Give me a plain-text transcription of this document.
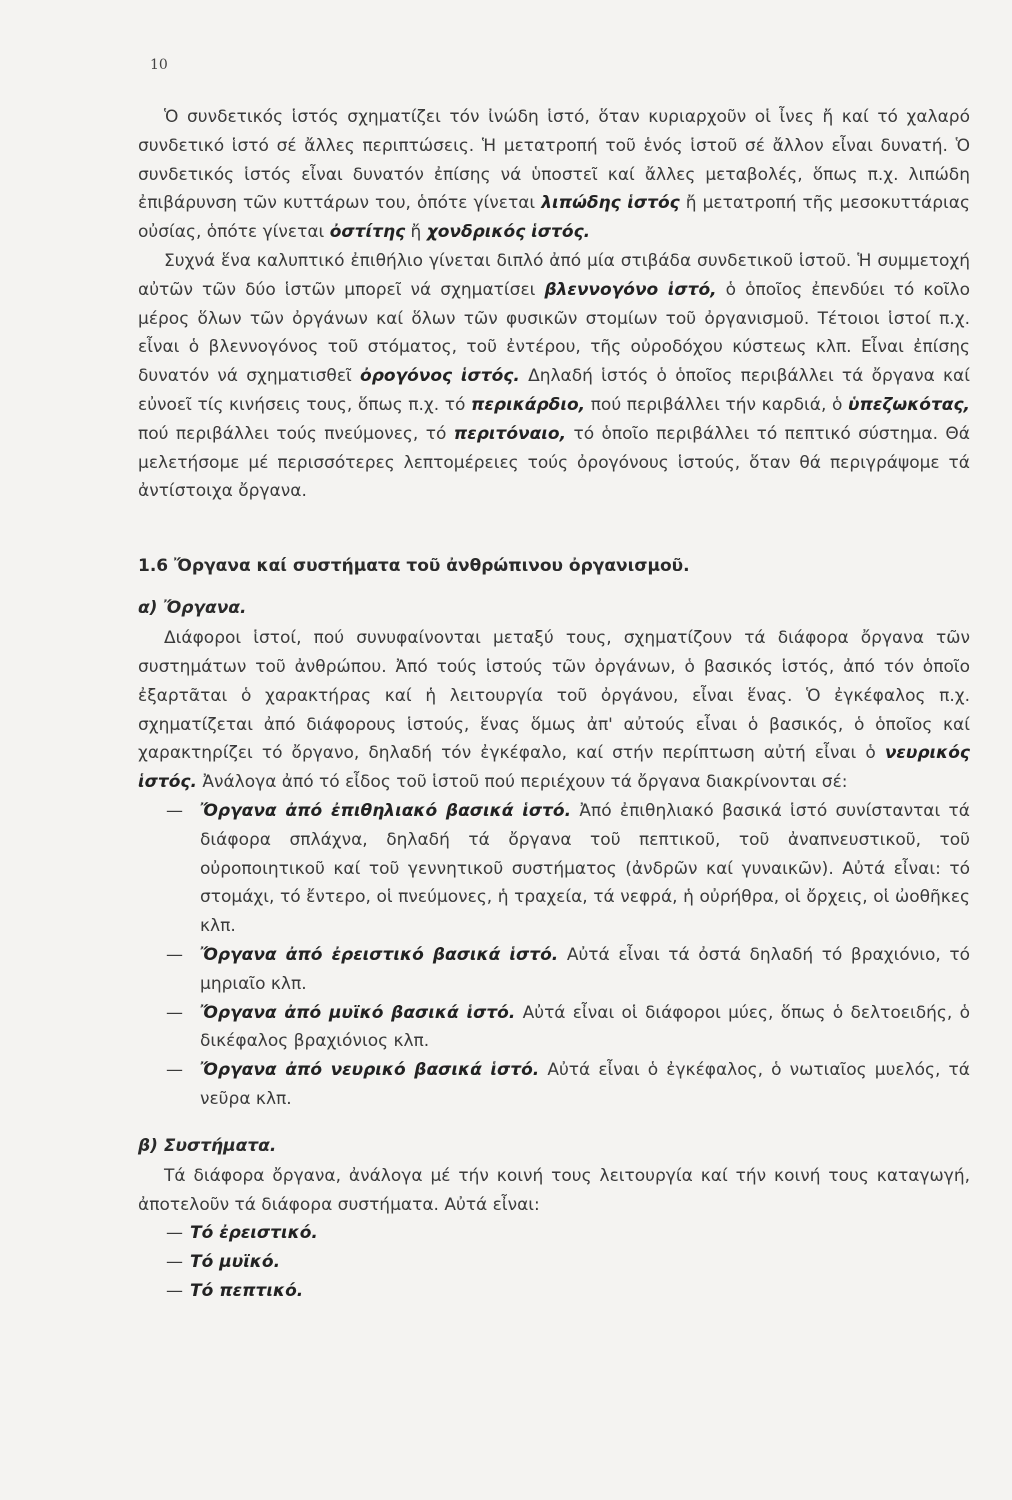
10

Ὁ συνδετικός ἱστός σχηματίζει τόν ἰνώδη ἱστό, ὅταν κυριαρχοῦν οἱ ἶνες ἤ καί τό χαλαρό συνδετικό ἱστό σέ ἄλλες περιπτώσεις. Ἡ μετατροπή τοῦ ἑνός ἱστοῦ σέ ἄλλον εἶναι δυνατή. Ὁ συνδετικός ἱστός εἶναι δυνατόν ἐπίσης νά ὑποστεῖ καί ἄλλες μεταβολές, ὅπως π.χ. λιπώδη ἐπιβάρυνση τῶν κυττάρων του, ὁπότε γίνεται λιπώδης ἱστός ἤ μετατροπή τῆς μεσοκυττάριας οὐσίας, ὁπότε γίνεται ὀστίτης ἤ χονδρικός ἱστός.

Συχνά ἕνα καλυπτικό ἐπιθήλιο γίνεται διπλό ἀπό μία στιβάδα συνδετικοῦ ἱστοῦ. Ἡ συμμετοχή αὐτῶν τῶν δύο ἱστῶν μπορεῖ νά σχηματίσει βλεννογόνο ἱστό, ὁ ὁποῖος ἐπενδύει τό κοῖλο μέρος ὅλων τῶν ὀργάνων καί ὅλων τῶν φυσικῶν στομίων τοῦ ὀργανισμοῦ. Τέτοιοι ἱστοί π.χ. εἶναι ὁ βλεννογόνος τοῦ στόματος, τοῦ ἐντέρου, τῆς οὐροδόχου κύστεως κλπ. Εἶναι ἐπίσης δυνατόν νά σχηματισθεῖ ὀρογόνος ἱστός. Δηλαδή ἱστός ὁ ὁποῖος περιβάλλει τά ὄργανα καί εὐνοεῖ τίς κινήσεις τους, ὅπως π.χ. τό περικάρδιο, πού περιβάλλει τήν καρδιά, ὁ ὑπεζωκότας, πού περιβάλλει τούς πνεύμονες, τό περιτόναιο, τό ὁποῖο περιβάλλει τό πεπτικό σύστημα. Θά μελετήσομε μέ περισσότερες λεπτομέρειες τούς ὀρογόνους ἱστούς, ὅταν θά περιγράψομε τά ἀντίστοιχα ὄργανα.

1.6 Ὄργανα καί συστήματα τοῦ ἀνθρώπινου ὀργανισμοῦ.
α) Ὄργανα.

Διάφοροι ἱστοί, πού συνυφαίνονται μεταξύ τους, σχηματίζουν τά διάφορα ὄργανα τῶν συστημάτων τοῦ ἀνθρώπου. Ἀπό τούς ἱστούς τῶν ὀργάνων, ὁ βασικός ἱστός, ἀπό τόν ὁποῖο ἐξαρτᾶται ὁ χαρακτήρας καί ἡ λειτουργία τοῦ ὀργάνου, εἶναι ἕνας. Ὁ ἐγκέφαλος π.χ. σχηματίζεται ἀπό διάφορους ἱστούς, ἕνας ὅμως ἀπ' αὐτούς εἶναι ὁ βασικός, ὁ ὁποῖος καί χαρακτηρίζει τό ὄργανο, δηλαδή τόν ἐγκέφαλο, καί στήν περίπτωση αὐτή εἶναι ὁ νευρικός ἱστός. Ἀνάλογα ἀπό τό εἶδος τοῦ ἱστοῦ πού περιέχουν τά ὄργανα διακρίνονται σέ:

— Ὄργανα ἀπό ἐπιθηλιακό βασικά ἱστό. Ἀπό ἐπιθηλιακό βασικά ἱστό συνίστανται τά διάφορα σπλάχνα, δηλαδή τά ὄργανα τοῦ πεπτικοῦ, τοῦ ἀναπνευστικοῦ, τοῦ οὐροποιητικοῦ καί τοῦ γεννητικοῦ συστήματος (ἀνδρῶν καί γυναικῶν). Αὐτά εἶναι: τό στομάχι, τό ἔντερο, οἱ πνεύμονες, ἡ τραχεία, τά νεφρά, ἡ οὐρήθρα, οἱ ὄρχεις, οἱ ὠοθῆκες κλπ.
— Ὄργανα ἀπό ἐρειστικό βασικά ἱστό. Αὐτά εἶναι τά ὀστά δηλαδή τό βραχιόνιο, τό μηριαῖο κλπ.
— Ὄργανα ἀπό μυϊκό βασικά ἱστό. Αὐτά εἶναι οἱ διάφοροι μύες, ὅπως ὁ δελτοειδής, ὁ δικέφαλος βραχιόνιος κλπ.
— Ὄργανα ἀπό νευρικό βασικά ἱστό. Αὐτά εἶναι ὁ ἐγκέφαλος, ὁ νωτιαῖος μυελός, τά νεῦρα κλπ.
β) Συστήματα.

Τά διάφορα ὄργανα, ἀνάλογα μέ τήν κοινή τους λειτουργία καί τήν κοινή τους καταγωγή, ἀποτελοῦν τά διάφορα συστήματα. Αὐτά εἶναι:

— Τό ἐρειστικό.
— Τό μυϊκό.
— Τό πεπτικό.
